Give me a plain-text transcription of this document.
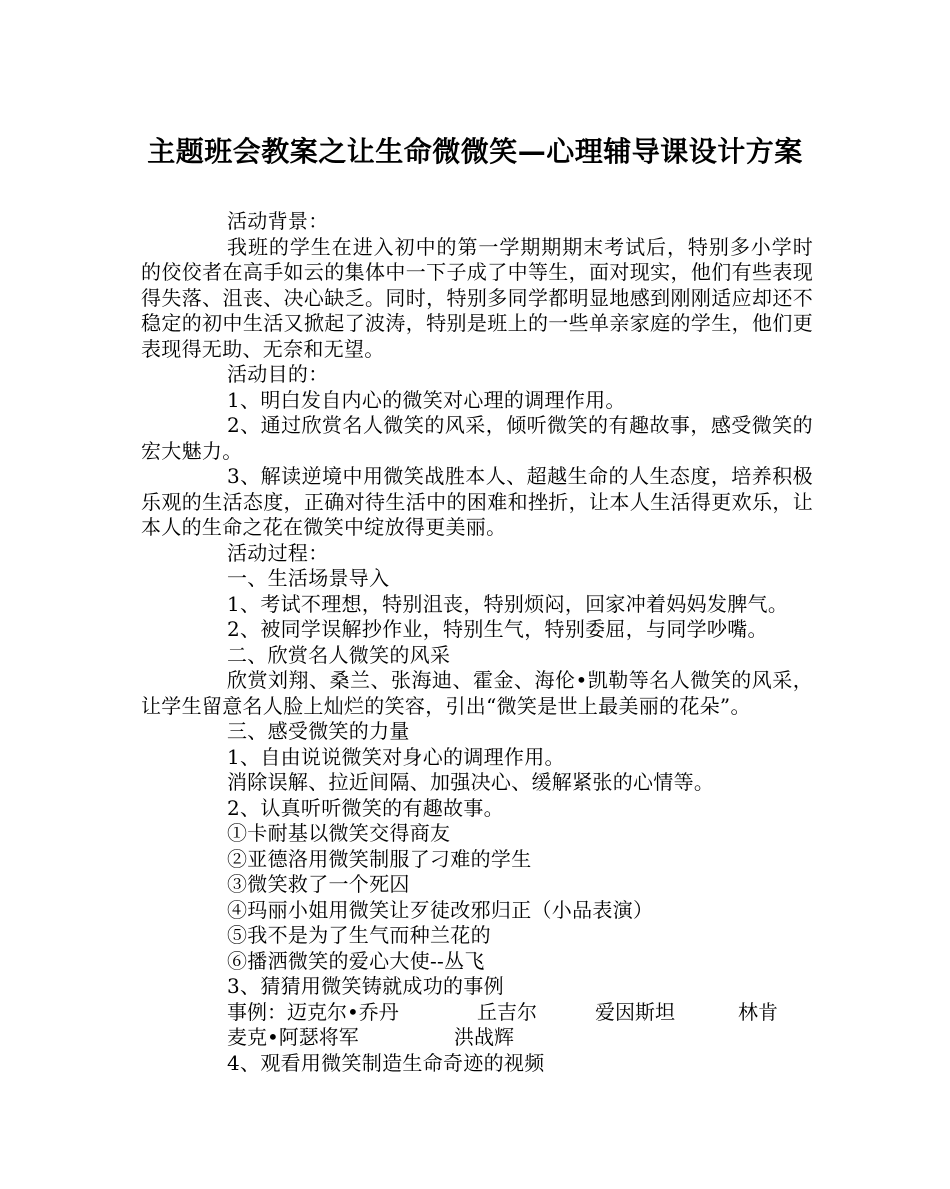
主题班会教案之让生命微微笑—心理辅导课设计方案

活动背景：

我班的学生在进入初中的第一学期期期末考试后，特别多小学时的佼佼者在高手如云的集体中一下子成了中等生，面对现实，他们有些表现得失落、沮丧、决心缺乏。同时，特别多同学都明显地感到刚刚适应却还不稳定的初中生活又掀起了波涛，特别是班上的一些单亲家庭的学生，他们更表现得无助、无奈和无望。

活动目的：

1、明白发自内心的微笑对心理的调理作用。

2、通过欣赏名人微笑的风采，倾听微笑的有趣故事，感受微笑的宏大魅力。

3、解读逆境中用微笑战胜本人、超越生命的人生态度，培养积极乐观的生活态度，正确对待生活中的困难和挫折，让本人生活得更欢乐，让本人的生命之花在微笑中绽放得更美丽。

活动过程：

一、生活场景导入

1、考试不理想，特别沮丧，特别烦闷，回家冲着妈妈发脾气。

2、被同学误解抄作业，特别生气，特别委屈，与同学吵嘴。

二、欣赏名人微笑的风采

欣赏刘翔、桑兰、张海迪、霍金、海伦•凯勒等名人微笑的风采，让学生留意名人脸上灿烂的笑容，引出“微笑是世上最美丽的花朵”。

三、感受微笑的力量

1、自由说说微笑对身心的调理作用。

消除误解、拉近间隔、加强决心、缓解紧张的心情等。

2、认真听听微笑的有趣故事。

①卡耐基以微笑交得商友

②亚德洛用微笑制服了刁难的学生

③微笑救了一个死囚

④玛丽小姐用微笑让歹徒改邪归正（小品表演）

⑤我不是为了生气而种兰花的

⑥播洒微笑的爱心大使--丛飞

3、猜猜用微笑铸就成功的事例

事例：迈克尔•乔丹	丘吉尔	爱因斯坦	林肯
麦克•阿瑟将军	洪战辉

4、观看用微笑制造生命奇迹的视频
